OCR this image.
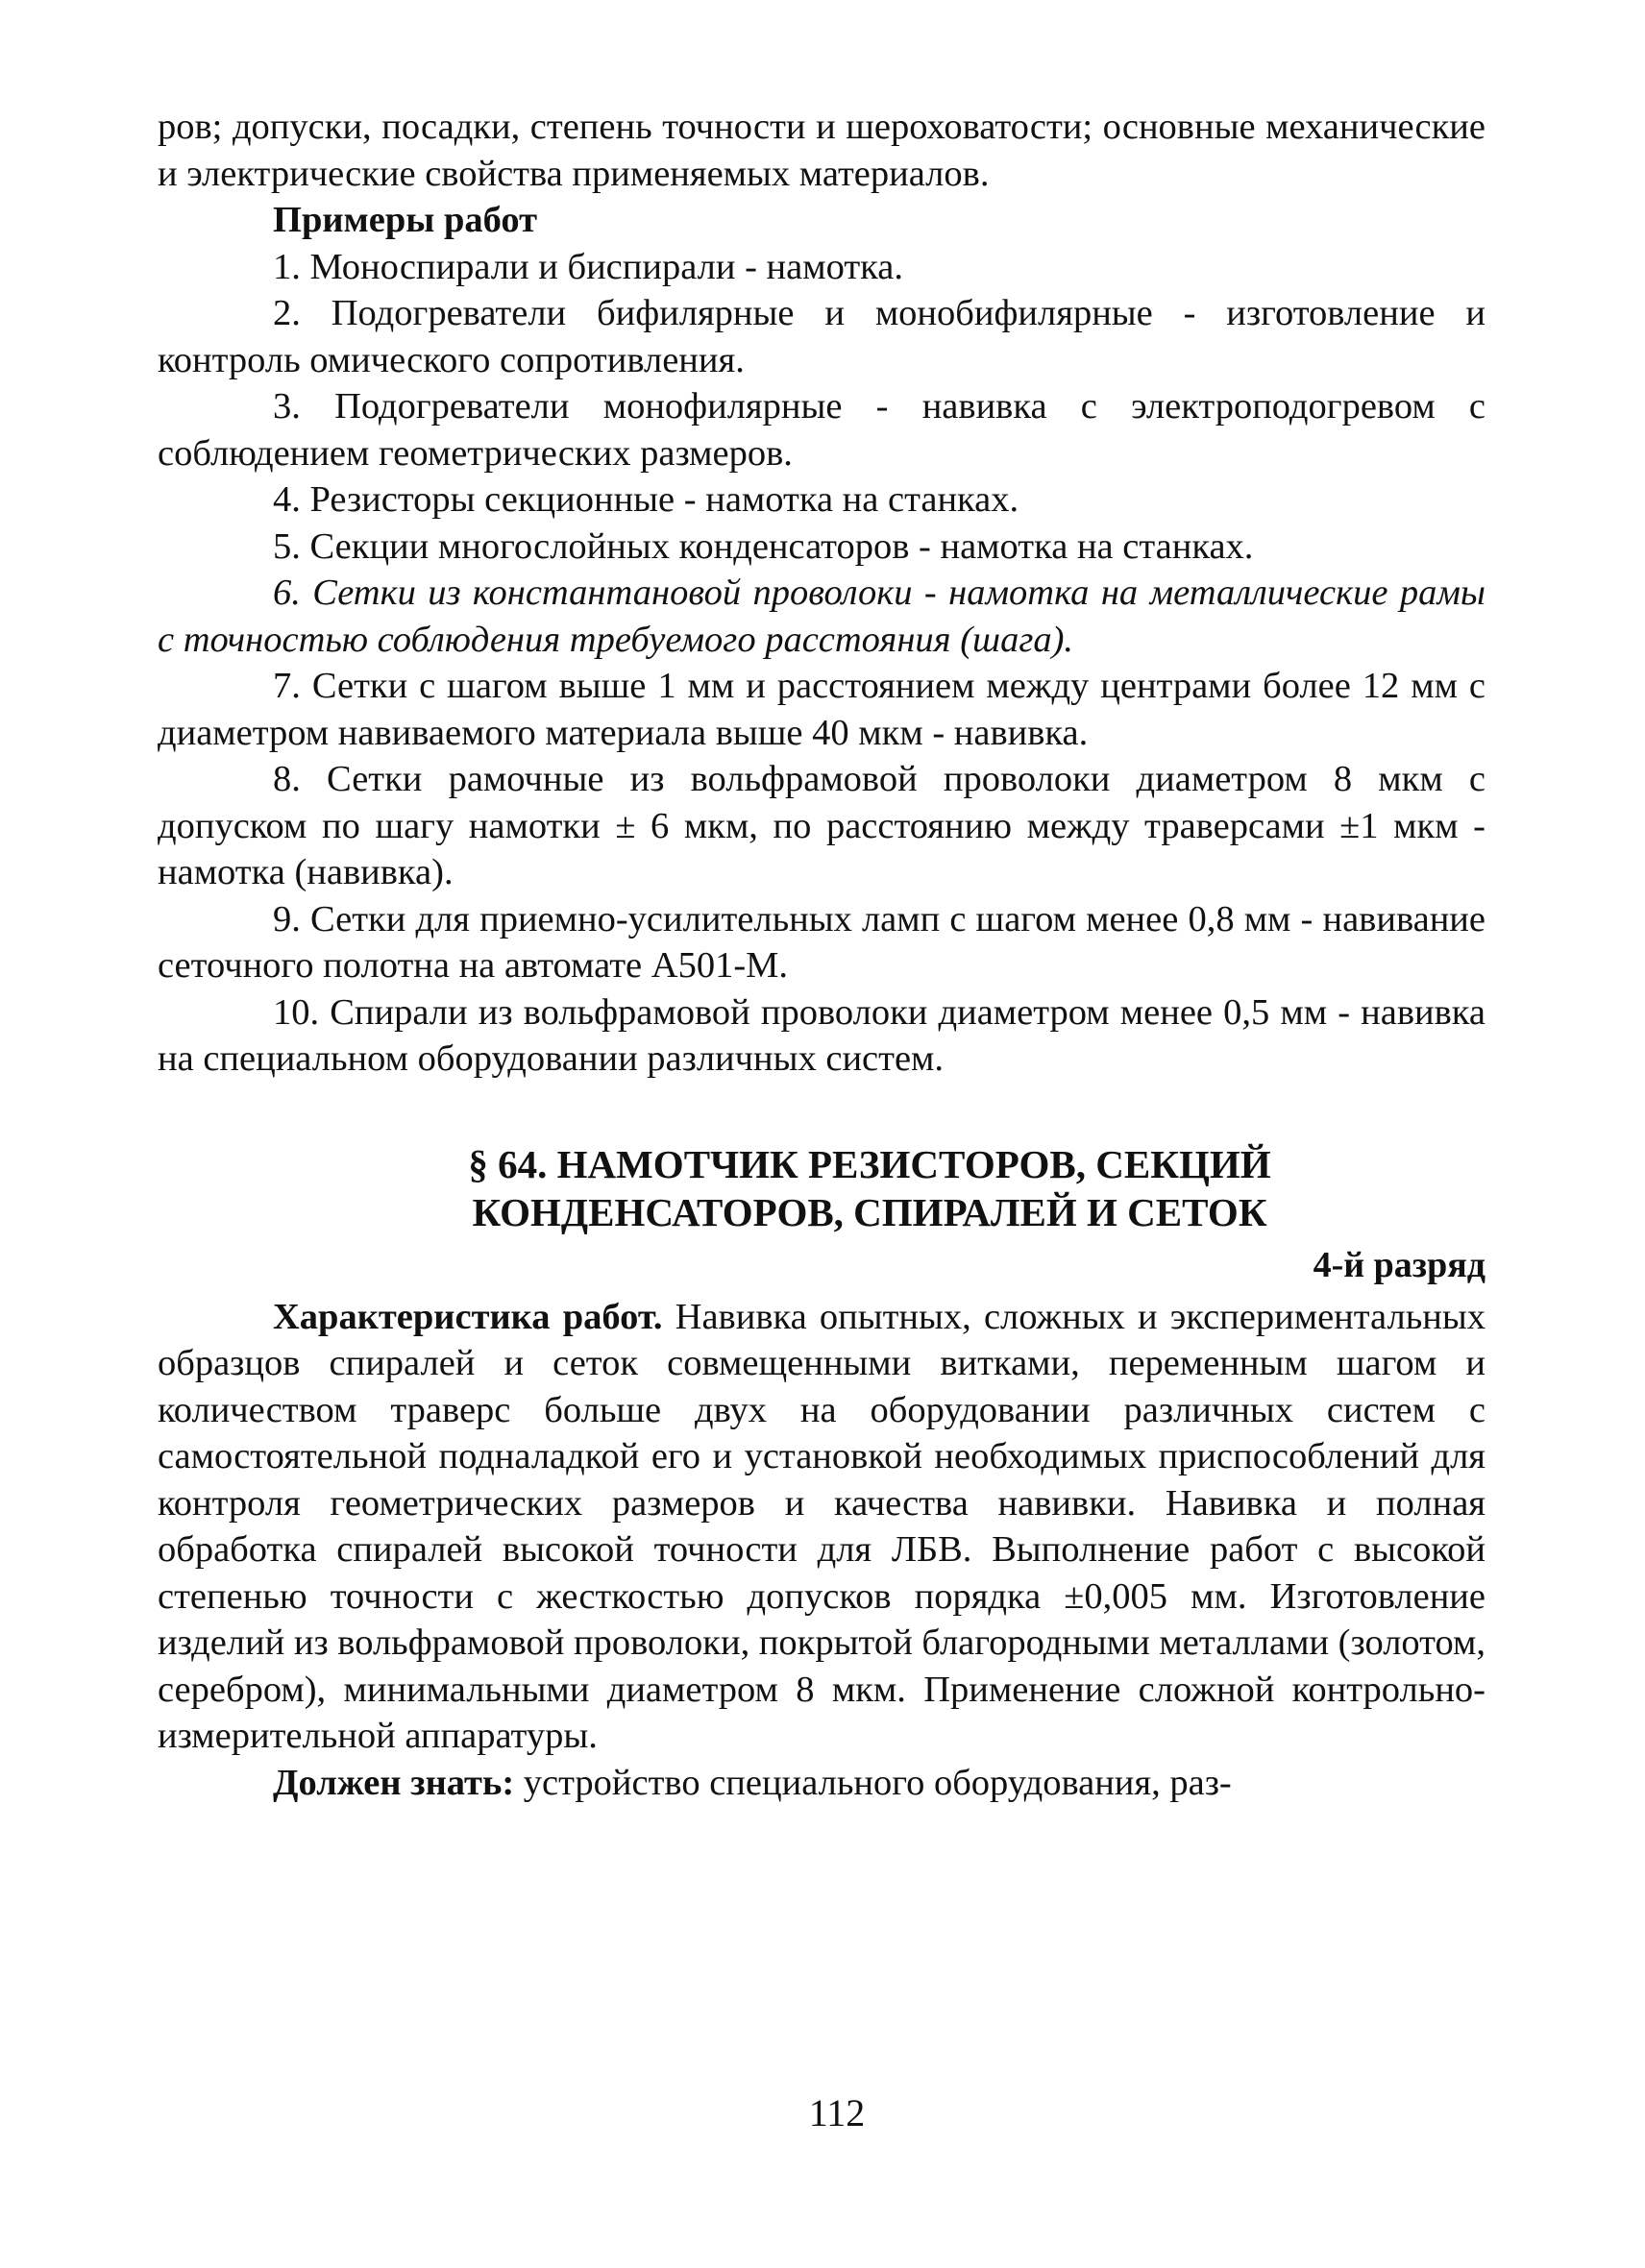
ров; допуски, посадки, степень точности и шероховатости; основные механические и электрические свойства применяемых материалов.

Примеры работ

1. Моноспирали и биспирали - намотка.

2. Подогреватели бифилярные и монобифилярные - изготовление и контроль омического сопротивления.

3. Подогреватели монофилярные - навивка с электроподогревом с соблюдением геометрических размеров.

4. Резисторы секционные - намотка на станках.

5. Секции многослойных конденсаторов - намотка на станках.

6. Сетки из константановой проволоки - намотка на металлические рамы с точностью соблюдения требуемого расстояния (шага).

7. Сетки с шагом выше 1 мм и расстоянием между центрами более 12 мм с диаметром навиваемого материала выше 40 мкм - навивка.

8. Сетки рамочные из вольфрамовой проволоки диаметром 8 мкм с допуском по шагу намотки ± 6 мкм, по расстоянию между траверсами ±1 мкм - намотка (навивка).

9. Сетки для приемно-усилительных ламп с шагом менее 0,8 мм - навивание сеточного полотна на автомате А501-М.

10. Спирали из вольфрамовой проволоки диаметром менее 0,5 мм - навивка на специальном оборудовании различных систем.

§ 64. НАМОТЧИК РЕЗИСТОРОВ, СЕКЦИЙ
КОНДЕНСАТОРОВ, СПИРАЛЕЙ И СЕТОК

4-й разряд

Характеристика работ. Навивка опытных, сложных и экспериментальных образцов спиралей и сеток совмещенными витками, переменным шагом и количеством траверс больше двух на оборудовании различных систем с самостоятельной подналадкой его и установкой необходимых приспособлений для контроля геометрических размеров и качества навивки. Навивка и полная обработка спиралей высокой точности для ЛБВ. Выполнение работ с высокой степенью точности с жесткостью допусков порядка ±0,005 мм. Изготовление изделий из вольфрамовой проволоки, покрытой благородными металлами (золотом, серебром), минимальными диаметром 8 мкм. Применение сложной контрольно-измерительной аппаратуры.

Должен знать: устройство специального оборудования, раз-

112
